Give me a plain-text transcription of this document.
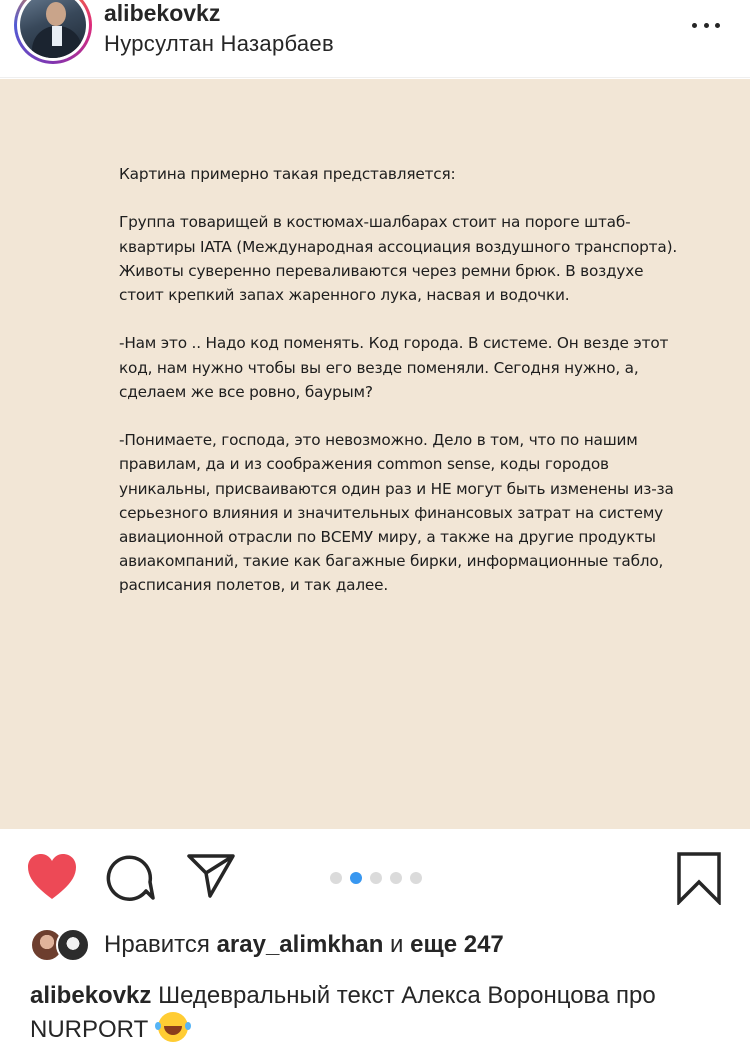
alibekovkz
Нурсултан Назарбаев

Картина примерно такая представляется:

Группа товарищей в костюмах-шалбарах стоит на пороге штаб-квартиры IATA (Международная ассоциация воздушного транспорта). Животы суверенно переваливаются через ремни брюк. В воздухе стоит крепкий запах жаренного лука, насвая и водочки.

-Нам это .. Надо код поменять. Код города. В системе. Он везде этот код, нам нужно чтобы вы его везде поменяли. Сегодня нужно, а, сделаем же все ровно, баурым?

-Понимаете, господа, это невозможно. Дело в том, что по нашим правилам, да и из соображения common sense, коды городов уникальны, присваиваются один раз и НЕ могут быть изменены из-за серьезного влияния и значительных финансовых затрат на систему авиационной отрасли по ВСЕМУ миру, а также на другие продукты авиакомпаний, такие как багажные бирки, информационные табло, расписания полетов, и так далее.

Нравится aray_alimkhan и еще 247
alibekovkz Шедевральный текст Алекса Воронцова про NURPORT
